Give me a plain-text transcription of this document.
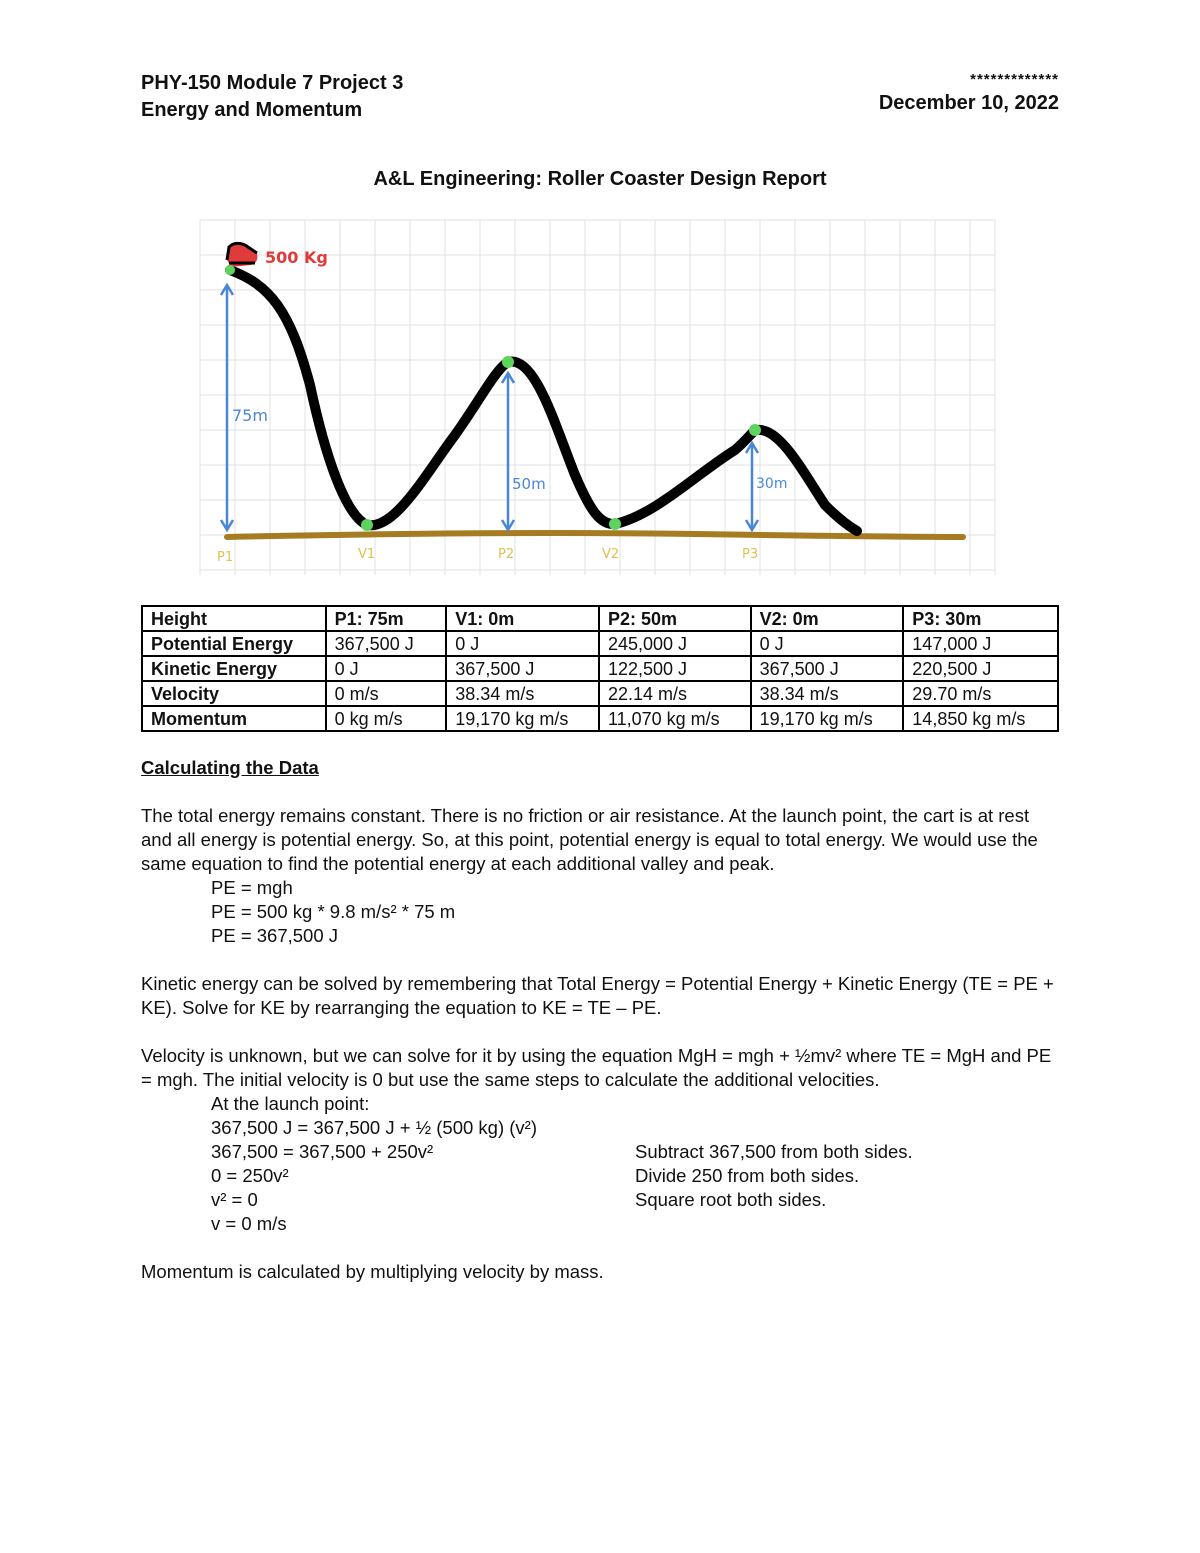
PHY-150 Module 7 Project 3
Energy and Momentum
*************
December 10, 2022
A&L Engineering: Roller Coaster Design Report
500 Kg
75m
50m	30m
P1	V1	P2	V2	P3
Height	P1: 75m	V1: 0m	P2: 50m	V2: 0m	P3: 30m
Potential Energy	367,500 J	0 J	245,000 J	0 J	147,000 J
Kinetic Energy	0 J	367,500 J	122,500 J	367,500 J	220,500 J
Velocity	0 m/s	38.34 m/s	22.14 m/s	38.34 m/s	29.70 m/s
Momentum	0 kg m/s	19,170 kg m/s	11,070 kg m/s	19,170 kg m/s	14,850 kg m/s

Calculating the Data

The total energy remains constant. There is no friction or air resistance. At the launch point, the cart is at rest and all energy is potential energy. So, at this point, potential energy is equal to total energy. We would use the same equation to find the potential energy at each additional valley and peak.

PE = mgh

PE = 500 kg * 9.8 m/s² * 75 m

PE = 367,500 J

Kinetic energy can be solved by remembering that Total Energy = Potential Energy + Kinetic Energy (TE = PE + KE). Solve for KE by rearranging the equation to KE = TE – PE.

Velocity is unknown, but we can solve for it by using the equation MgH = mgh + ½mv² where TE = MgH and PE = mgh. The initial velocity is 0 but use the same steps to calculate the additional velocities.

At the launch point:

367,500 J = 367,500 J + ½ (500 kg) (v²)

367,500 = 367,500 + 250v²	Subtract 367,500 from both sides.
0 = 250v²	Divide 250 from both sides.
v² = 0	Square root both sides.

v = 0 m/s

Momentum is calculated by multiplying velocity by mass.
